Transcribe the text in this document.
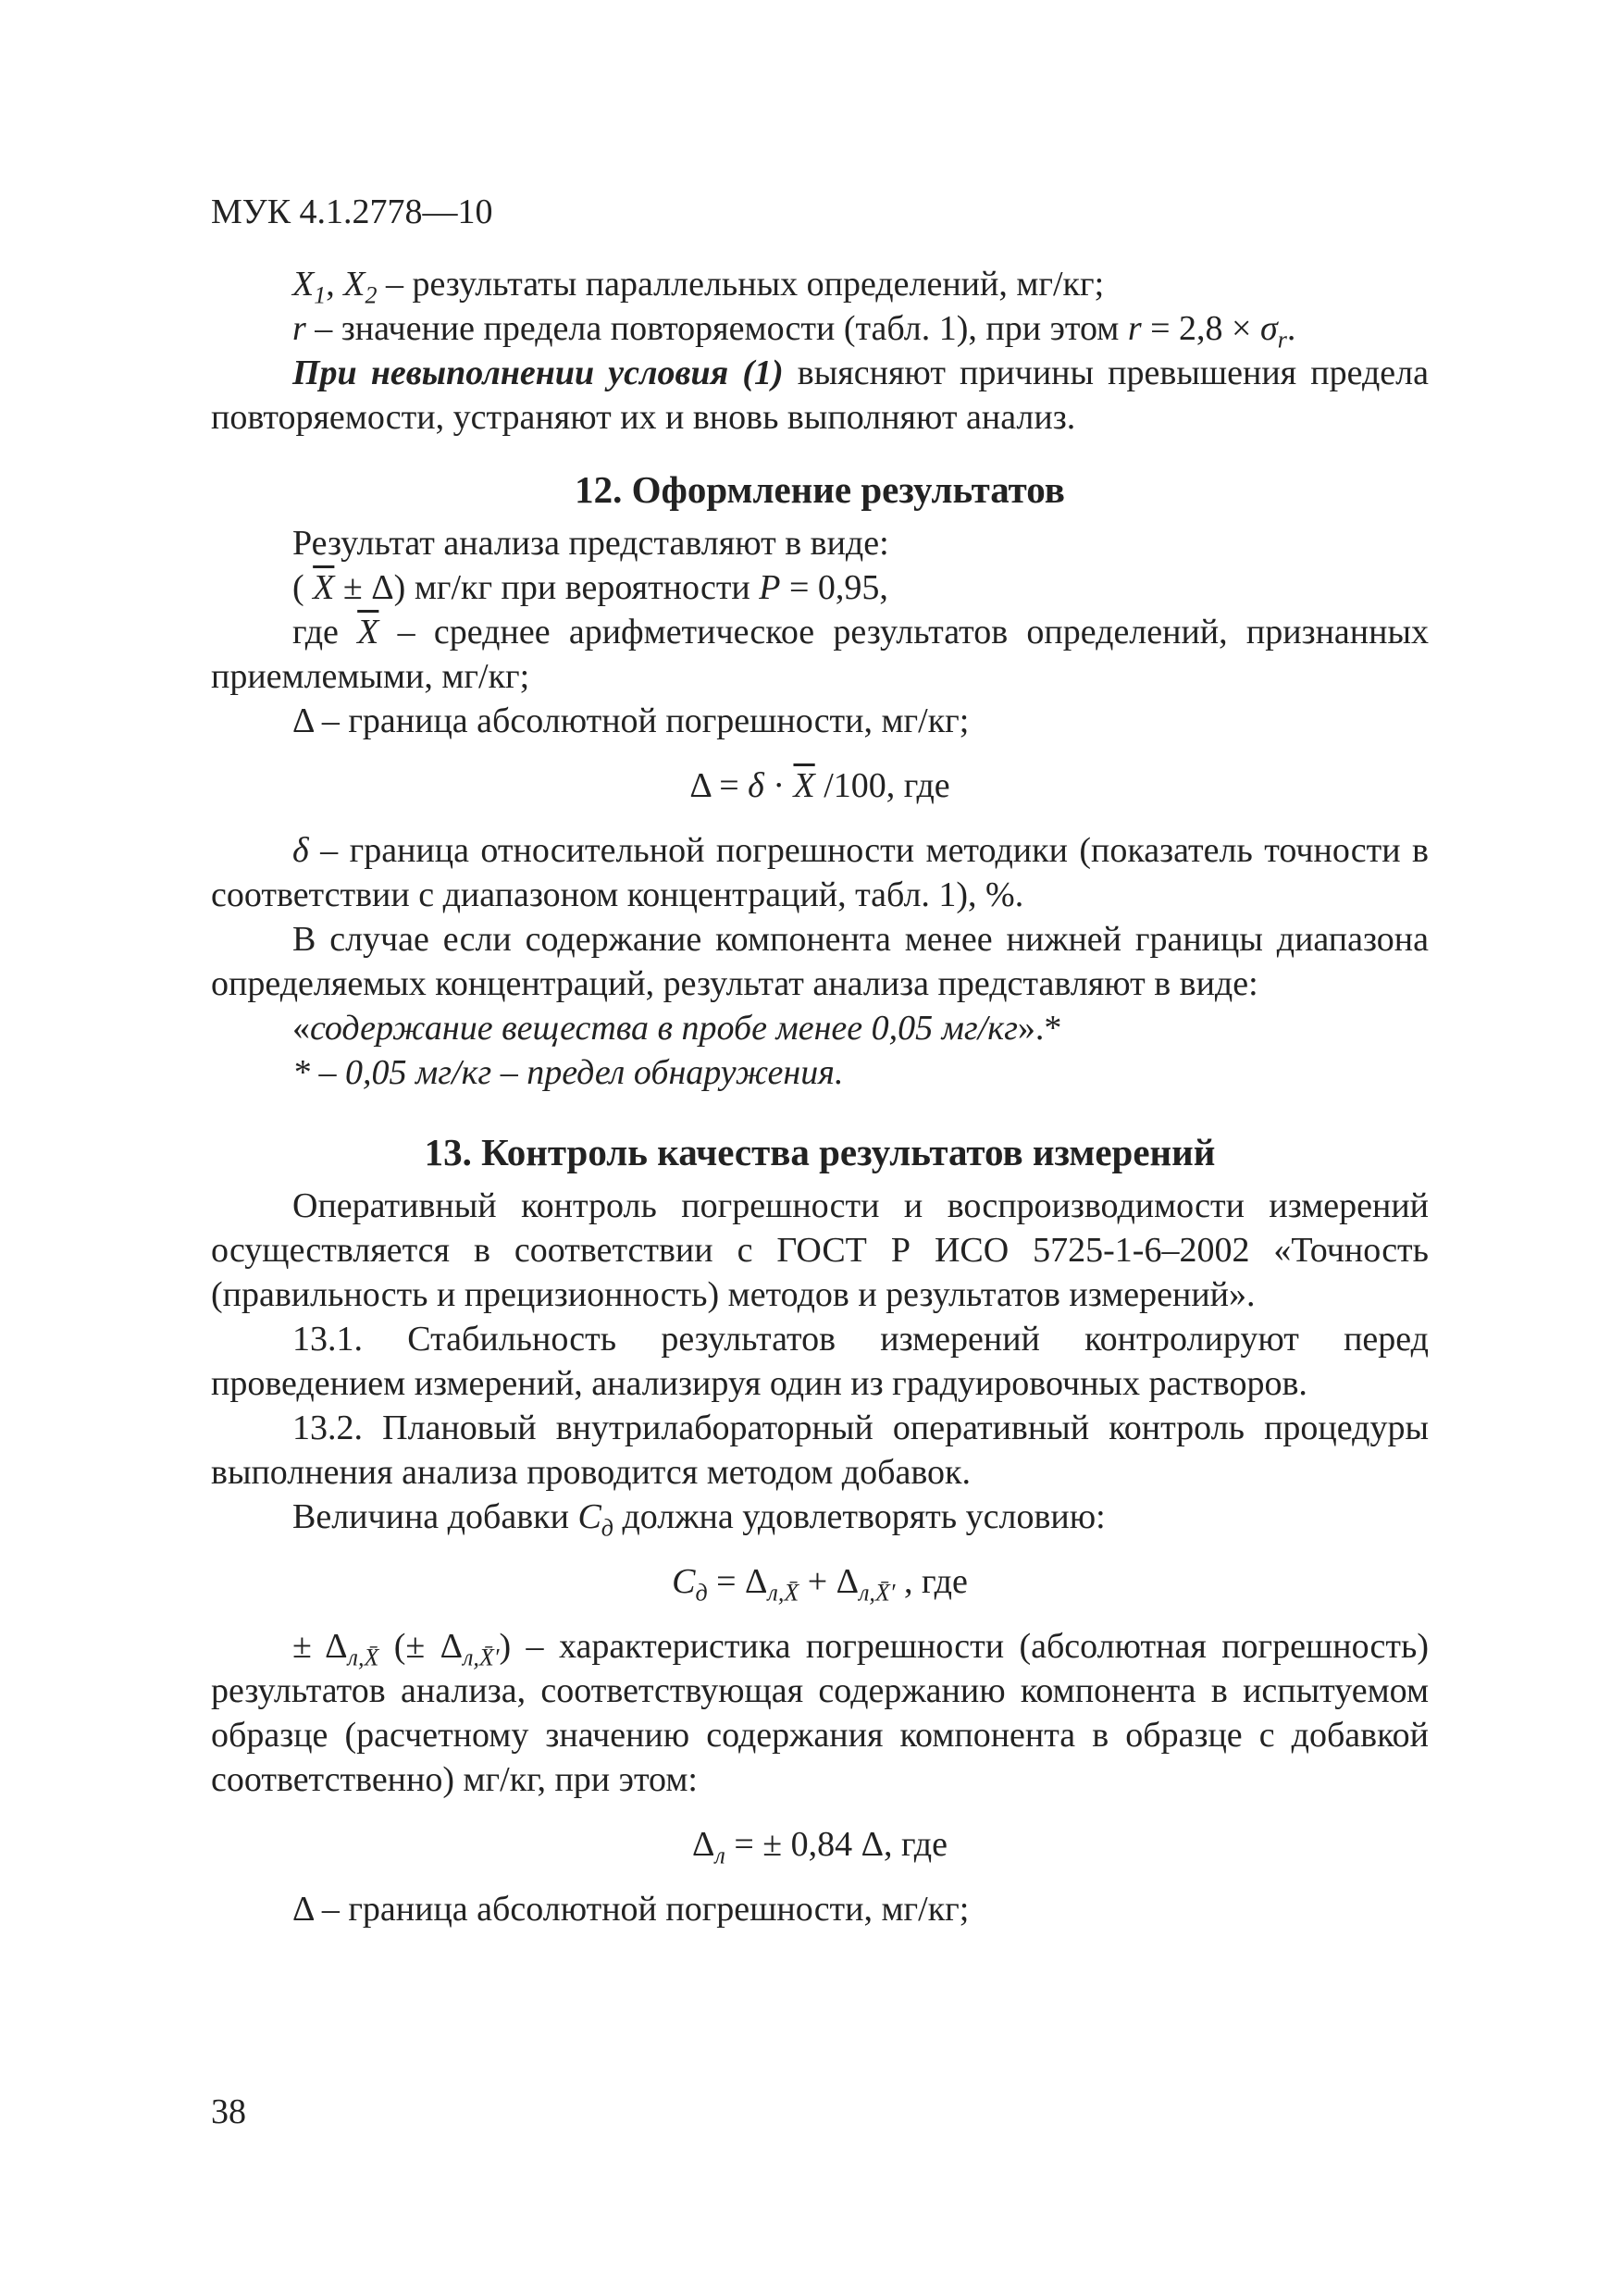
МУК 4.1.2778—10

$X_1$, $X_2$ – результаты параллельных определений, мг/кг;

r – значение предела повторяемости (табл. 1), при этом $r = 2,8 \times \sigma_r$.

При невыполнении условия (1) выясняют причины превышения предела повторяемости, устраняют их и вновь выполняют анализ.

12. Оформление результатов

Результат анализа представляют в виде:

( $\overline{X} \pm \Delta$) мг/кг при вероятности P = 0,95,

где $\overline{X}$ – среднее арифметическое результатов определений, признанных приемлемыми, мг/кг;

Δ – граница абсолютной погрешности, мг/кг;

$\Delta = \delta \cdot \overline{X}$ /100, где

δ – граница относительной погрешности методики (показатель точности в соответствии с диапазоном концентраций, табл. 1), %.

В случае если содержание компонента менее нижней границы диапазона определяемых концентраций, результат анализа представляют в виде:

«содержание вещества в пробе менее 0,05 мг/кг».*

* – 0,05 мг/кг – предел обнаружения.

13. Контроль качества результатов измерений

Оперативный контроль погрешности и воспроизводимости измерений осуществляется в соответствии с ГОСТ Р ИСО 5725-1-6–2002 «Точность (правильность и прецизионность) методов и результатов измерений».

13.1. Стабильность результатов измерений контролируют перед проведением измерений, анализируя один из градуировочных растворов.

13.2. Плановый внутрилабораторный оперативный контроль процедуры выполнения анализа проводится методом добавок.

Величина добавки $C_д$ должна удовлетворять условию:

$C_д = \Delta_{л,X̄} + \Delta_{л,X̄'}$ , где

± $\Delta_{л,X̄}$ (± $\Delta_{л,X̄'}$) – характеристика погрешности (абсолютная погрешность) результатов анализа, соответствующая содержанию компонента в испытуемом образце (расчетному значению содержания компонента в образце с добавкой соответственно) мг/кг, при этом:

$\Delta_л$ = ± 0,84 Δ, где

Δ – граница абсолютной погрешности, мг/кг;

38
